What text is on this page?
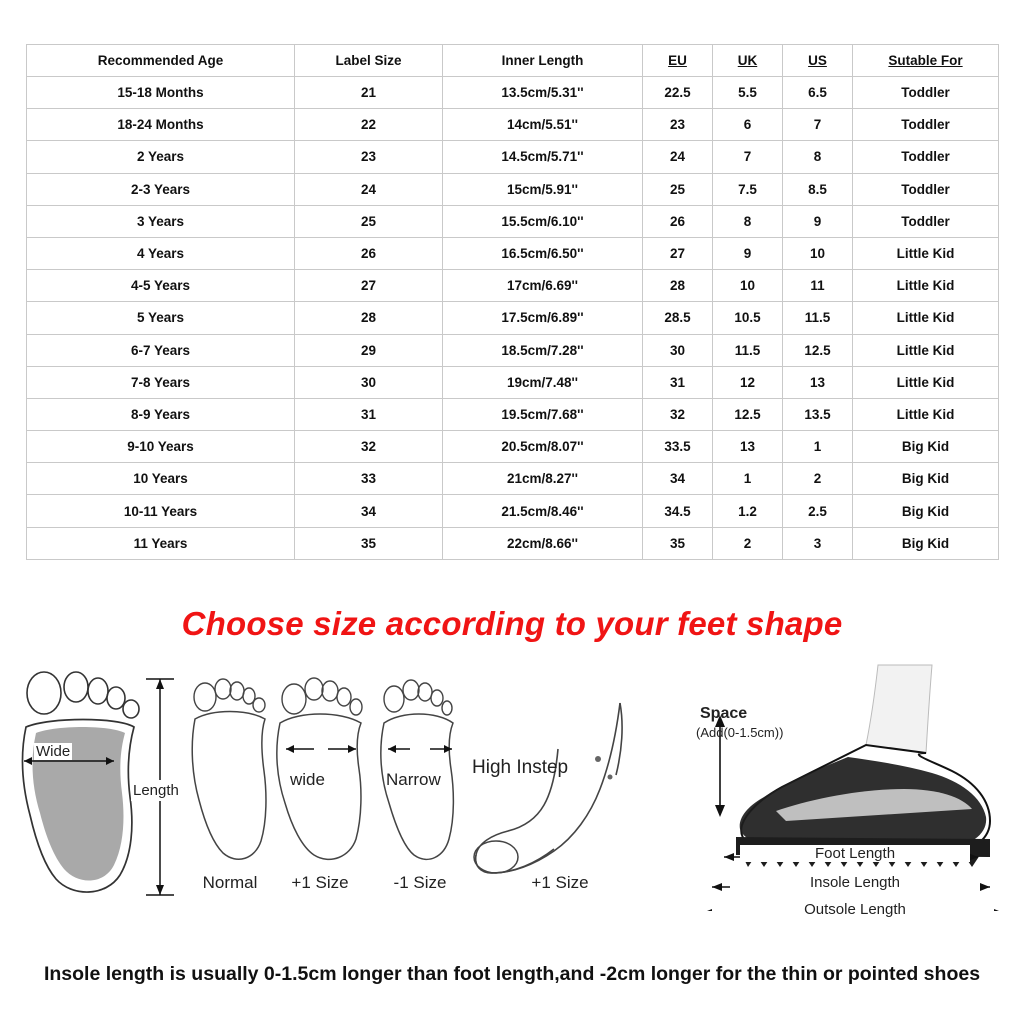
Recommended Age	Label Size	Inner Length	EU	UK	US	Sutable For
15-18 Months	21	13.5cm/5.31''	22.5	5.5	6.5	Toddler
18-24 Months	22	14cm/5.51''	23	6	7	Toddler
2 Years	23	14.5cm/5.71''	24	7	8	Toddler
2-3 Years	24	15cm/5.91''	25	7.5	8.5	Toddler
3 Years	25	15.5cm/6.10''	26	8	9	Toddler
4 Years	26	16.5cm/6.50''	27	9	10	Little Kid
4-5 Years	27	17cm/6.69''	28	10	11	Little Kid
5 Years	28	17.5cm/6.89''	28.5	10.5	11.5	Little Kid
6-7 Years	29	18.5cm/7.28''	30	11.5	12.5	Little Kid
7-8 Years	30	19cm/7.48''	31	12	13	Little Kid
8-9 Years	31	19.5cm/7.68''	32	12.5	13.5	Little Kid
9-10 Years	32	20.5cm/8.07''	33.5	13	1	Big Kid
10 Years	33	21cm/8.27''	34	1	2	Big Kid
10-11 Years	34	21.5cm/8.46''	34.5	1.2	2.5	Big Kid
11 Years	35	22cm/8.66''	35	2	3	Big Kid
Choose size according to your feet shape
Wide
Length
Normal
wide
+1 Size
Narrow
-1 Size
High Instep
+1 Size
Space
(Add(0-1.5cm))
Foot Length
Insole Length
Outsole Length
Insole length is usually 0-1.5cm longer than foot length,and -2cm longer for the thin or pointed shoes
